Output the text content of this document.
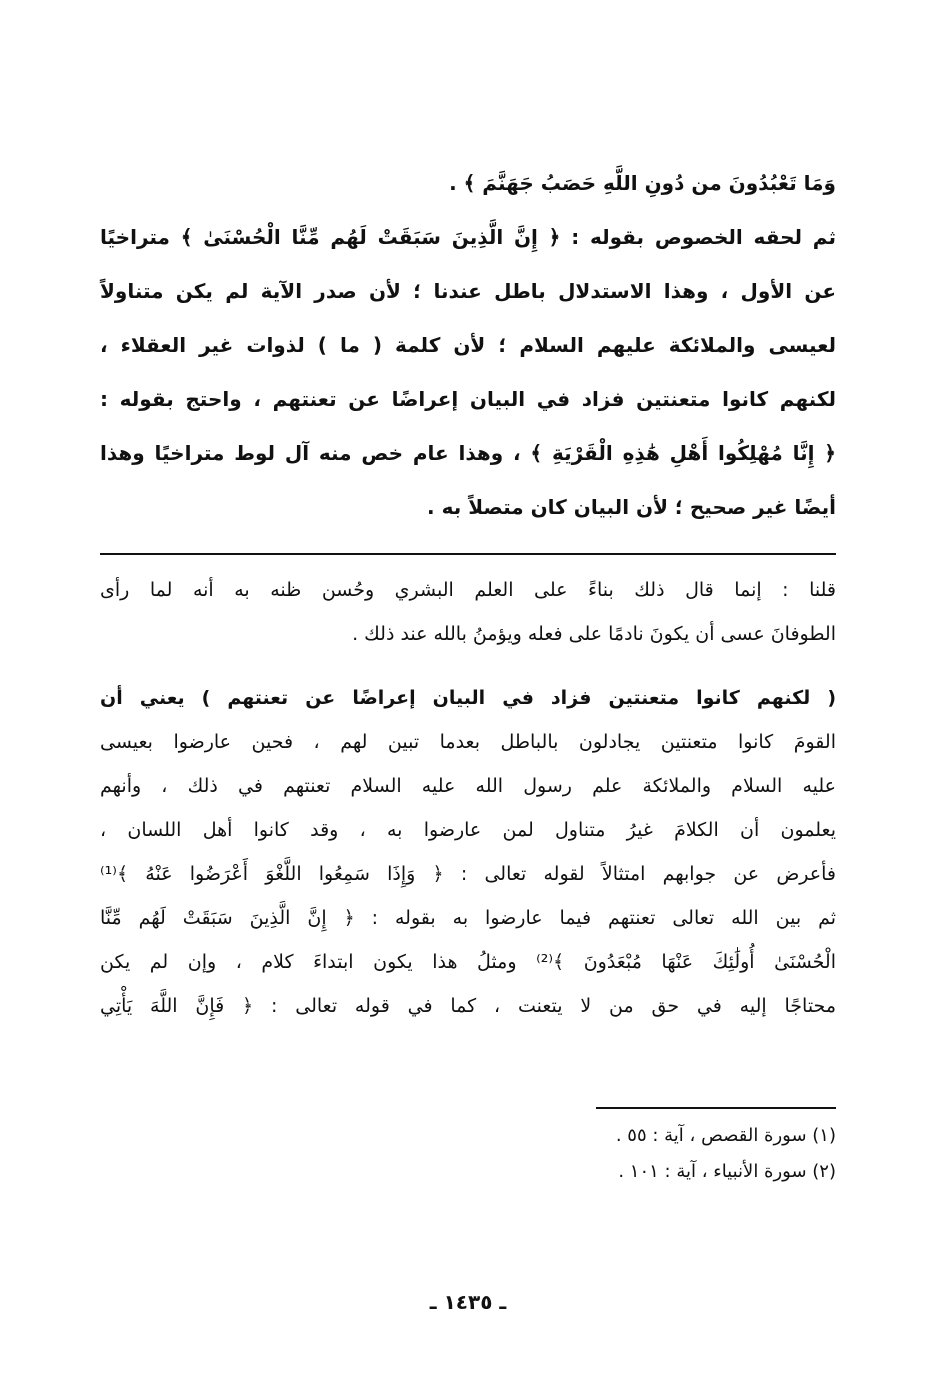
وَمَا تَعْبُدُونَ من دُونِ اللَّهِ حَصَبُ جَهَنَّمَ ﴾ .
ثم لحقه الخصوص بقوله : ﴿ إِنَّ الَّذِينَ سَبَقَتْ لَهُم مِّنَّا الْحُسْنَىٰ ﴾ متراخيًا
عن الأول ، وهذا الاستدلال باطل عندنا ؛ لأن صدر الآية لم يكن متناولاً
لعيسى والملائكة عليهم السلام ؛ لأن كلمة ( ما ) لذوات غير العقلاء ،
لكنهم كانوا متعنتين فزاد في البيان إعراضًا عن تعنتهم ، واحتج بقوله :
﴿ إِنَّا مُهْلِكُوا أَهْلِ هَٰذِهِ الْقَرْيَةِ ﴾ ، وهذا عام خص منه آل لوط متراخيًا وهذا
أيضًا غير صحيح ؛ لأن البيان كان متصلاً به .
قلنا : إنما قال ذلك بناءً على العلم البشري وحُسن ظنه به أنه لما رأى
الطوفانَ عسى أن يكونَ نادمًا على فعله ويؤمنُ بالله عند ذلك .
( لكنهم كانوا متعنتين فزاد في البيان إعراضًا عن تعنتهم ) يعني أن
القومَ كانوا متعنتين يجادلون بالباطل بعدما تبين لهم ، فحين عارضوا بعيسى
عليه السلام والملائكة علم رسول الله عليه السلام تعنتهم في ذلك ، وأنهم
يعلمون أن الكلامَ غيرُ متناول لمن عارضوا به ، وقد كانوا أهل اللسان ،
فأعرض عن جوابهم امتثالاً لقوله تعالى : ﴿ وَإِذَا سَمِعُوا اللَّغْوَ أَعْرَضُوا عَنْهُ ﴾⁽¹⁾
ثم بين الله تعالى تعنتهم فيما عارضوا به بقوله : ﴿ إِنَّ الَّذِينَ سَبَقَتْ لَهُم مِّنَّا
الْحُسْنَىٰ أُولَٰئِكَ عَنْهَا مُبْعَدُونَ ﴾⁽²⁾ ومثلُ هذا يكون ابتداءَ كلام ، وإن لم يكن
محتاجًا إليه في حق من لا يتعنت ، كما في قوله تعالى : ﴿ فَإِنَّ اللَّهَ يَأْتِي
(١) سورة القصص ، آية : ٥٥ .
(٢) سورة الأنبياء ، آية : ١٠١ .
ـ ١٤٣٥ ـ
